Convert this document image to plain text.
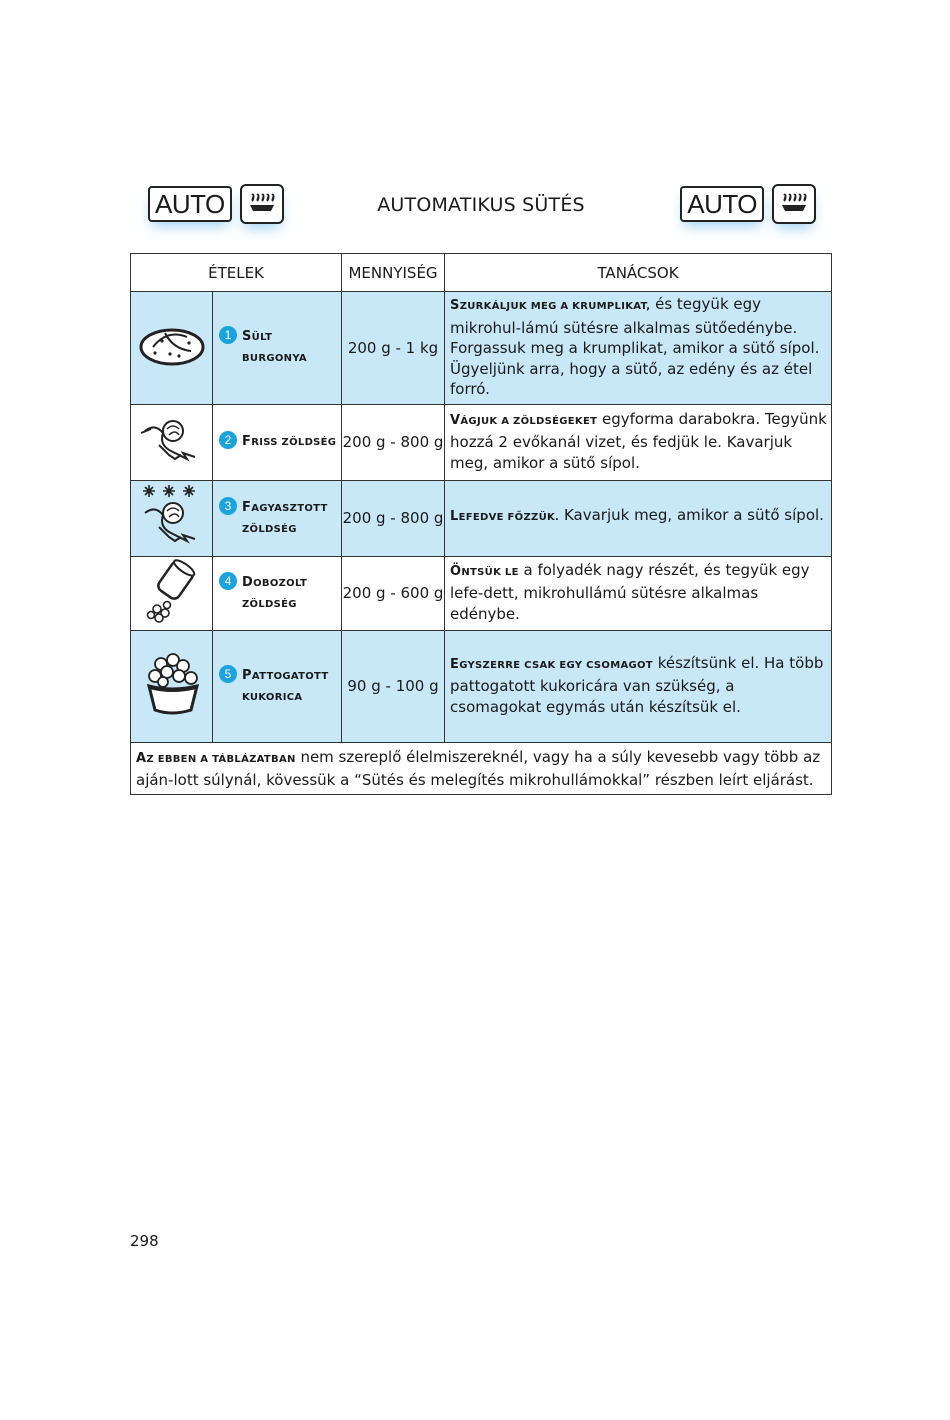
AUTO	AUTOMATIKUS SÜTÉS	AUTO
ÉTELEK		MENNYISÉG	TANÁCSOK

1 SÜLT
BURGONYA	200 g - 1 kg	SZURKÁLJUK MEG A KRUMPLIKAT, és tegyük egy mikrohul-lámú sütésre alkalmas sütőedénybe. Forgassuk meg a krumplikat, amikor a sütő sípol. Ügyeljünk arra, hogy a sütő, az edény és az étel forró.

2 FRISS ZÖLDSÉG	200 g - 800 g	VÁGJUK A ZÖLDSÉGEKET egyforma darabokra. Tegyünk hozzá 2 evőkanál vizet, és fedjük le. Kavarjuk meg, amikor a sütő sípol.

3 FAGYASZTOTT
ZÖLDSÉG	200 g - 800 g	LEFEDVE FŐZZÜK. Kavarjuk meg, amikor a sütő sípol.

4 DOBOZOLT
ZÖLDSÉG	200 g - 600 g	ÖNTSÜK LE a folyadék nagy részét, és tegyük egy lefe-dett, mikrohullámú sütésre alkalmas edénybe.

5 PATTOGATOTT
KUKORICA	90 g - 100 g	EGYSZERRE CSAK EGY CSOMAGOT készítsünk el. Ha több pattogatott kukoricára van szükség, a csomagokat egymás után készítsük el.
AZ EBBEN A TÁBLÁZATBAN nem szereplő élelmiszereknél, vagy ha a súly kevesebb vagy több az aján-lott súlynál, kövessük a “Sütés és melegítés mikrohullámokkal” részben leírt eljárást.			
298
